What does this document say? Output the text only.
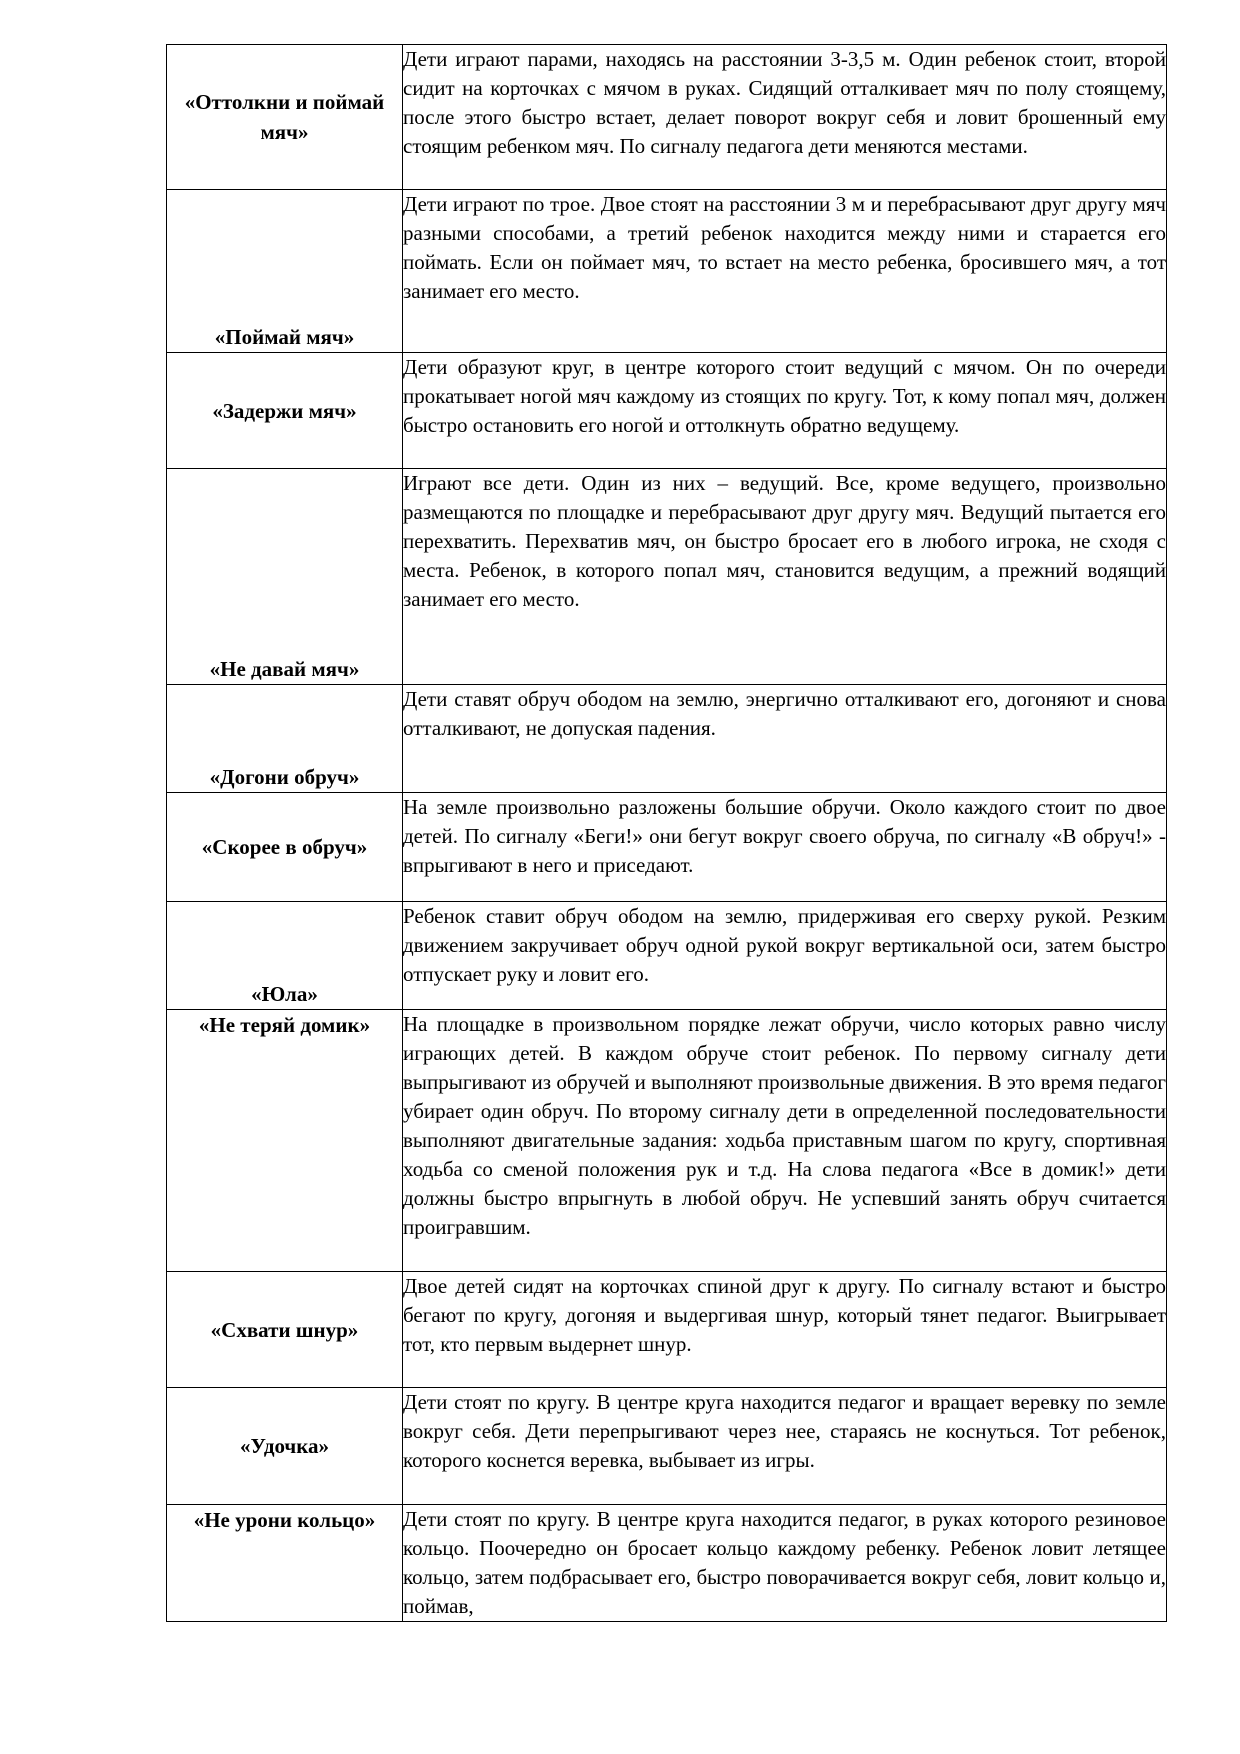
«Оттолкни и поймай мяч»	Дети играют парами, находясь на расстоянии 3-3,5 м. Один ребенок стоит, второй сидит на корточках с мячом в руках. Сидящий отталкивает мяч по полу стоящему, после этого быстро встает, делает поворот вокруг себя и ловит брошенный ему стоящим ребенком мяч. По сигналу педагога дети меняются местами.
«Поймай мяч»	Дети играют по трое. Двое стоят на расстоянии 3 м и перебрасывают друг другу мяч разными способами, а третий ребенок находится между ними и старается его поймать. Если он поймает мяч, то встает на место ребенка, бросившего мяч, а тот занимает его место.
«Задержи мяч»	Дети образуют круг, в центре которого стоит ведущий с мячом. Он по очереди прокатывает ногой мяч каждому из стоящих по кругу. Тот, к кому попал мяч, должен быстро остановить его ногой и оттолкнуть обратно ведущему.
«Не давай мяч»	Играют все дети. Один из них – ведущий. Все, кроме ведущего, произвольно размещаются по площадке и перебрасывают друг другу мяч. Ведущий пытается его перехватить. Перехватив мяч, он быстро бросает его в любого игрока, не сходя с места. Ребенок, в которого попал мяч, становится ведущим, а прежний водящий занимает его место.
«Догони обруч»	Дети ставят обруч ободом на землю, энергично отталкивают его, догоняют и снова отталкивают, не допуская падения.
«Скорее в обруч»	На земле произвольно разложены большие обручи. Около каждого стоит по двое детей. По сигналу «Беги!» они бегут вокруг своего обруча, по сигналу «В обруч!» - впрыгивают в него и приседают.
«Юла»	Ребенок ставит обруч ободом на землю, придерживая его сверху рукой. Резким движением закручивает обруч одной рукой вокруг вертикальной оси, затем быстро отпускает руку и ловит его.
«Не теряй домик»	На площадке в произвольном порядке лежат обручи, число которых равно числу играющих детей. В каждом обруче стоит ребенок. По первому сигналу дети выпрыгивают из обручей и выполняют произвольные движения. В это время педагог убирает один обруч. По второму сигналу дети в определенной последовательности выполняют двигательные задания: ходьба приставным шагом по кругу, спортивная ходьба со сменой положения рук и т.д. На слова педагога «Все в домик!» дети должны быстро впрыгнуть в любой обруч. Не успевший занять обруч считается проигравшим.
«Схвати шнур»	Двое детей сидят на корточках спиной друг к другу. По сигналу встают и быстро бегают по кругу, догоняя и выдергивая шнур, который тянет педагог. Выигрывает тот, кто первым выдернет шнур.
«Удочка»	Дети стоят по кругу. В центре круга находится педагог и вращает веревку по земле вокруг себя. Дети перепрыгивают через нее, стараясь не коснуться. Тот ребенок, которого коснется веревка, выбывает из игры.
«Не урони кольцо»	Дети стоят по кругу. В центре круга находится педагог, в руках которого резиновое кольцо. Поочередно он бросает кольцо каждому ребенку. Ребенок ловит летящее кольцо, затем подбрасывает его, быстро поворачивается вокруг себя, ловит кольцо и, поймав,
